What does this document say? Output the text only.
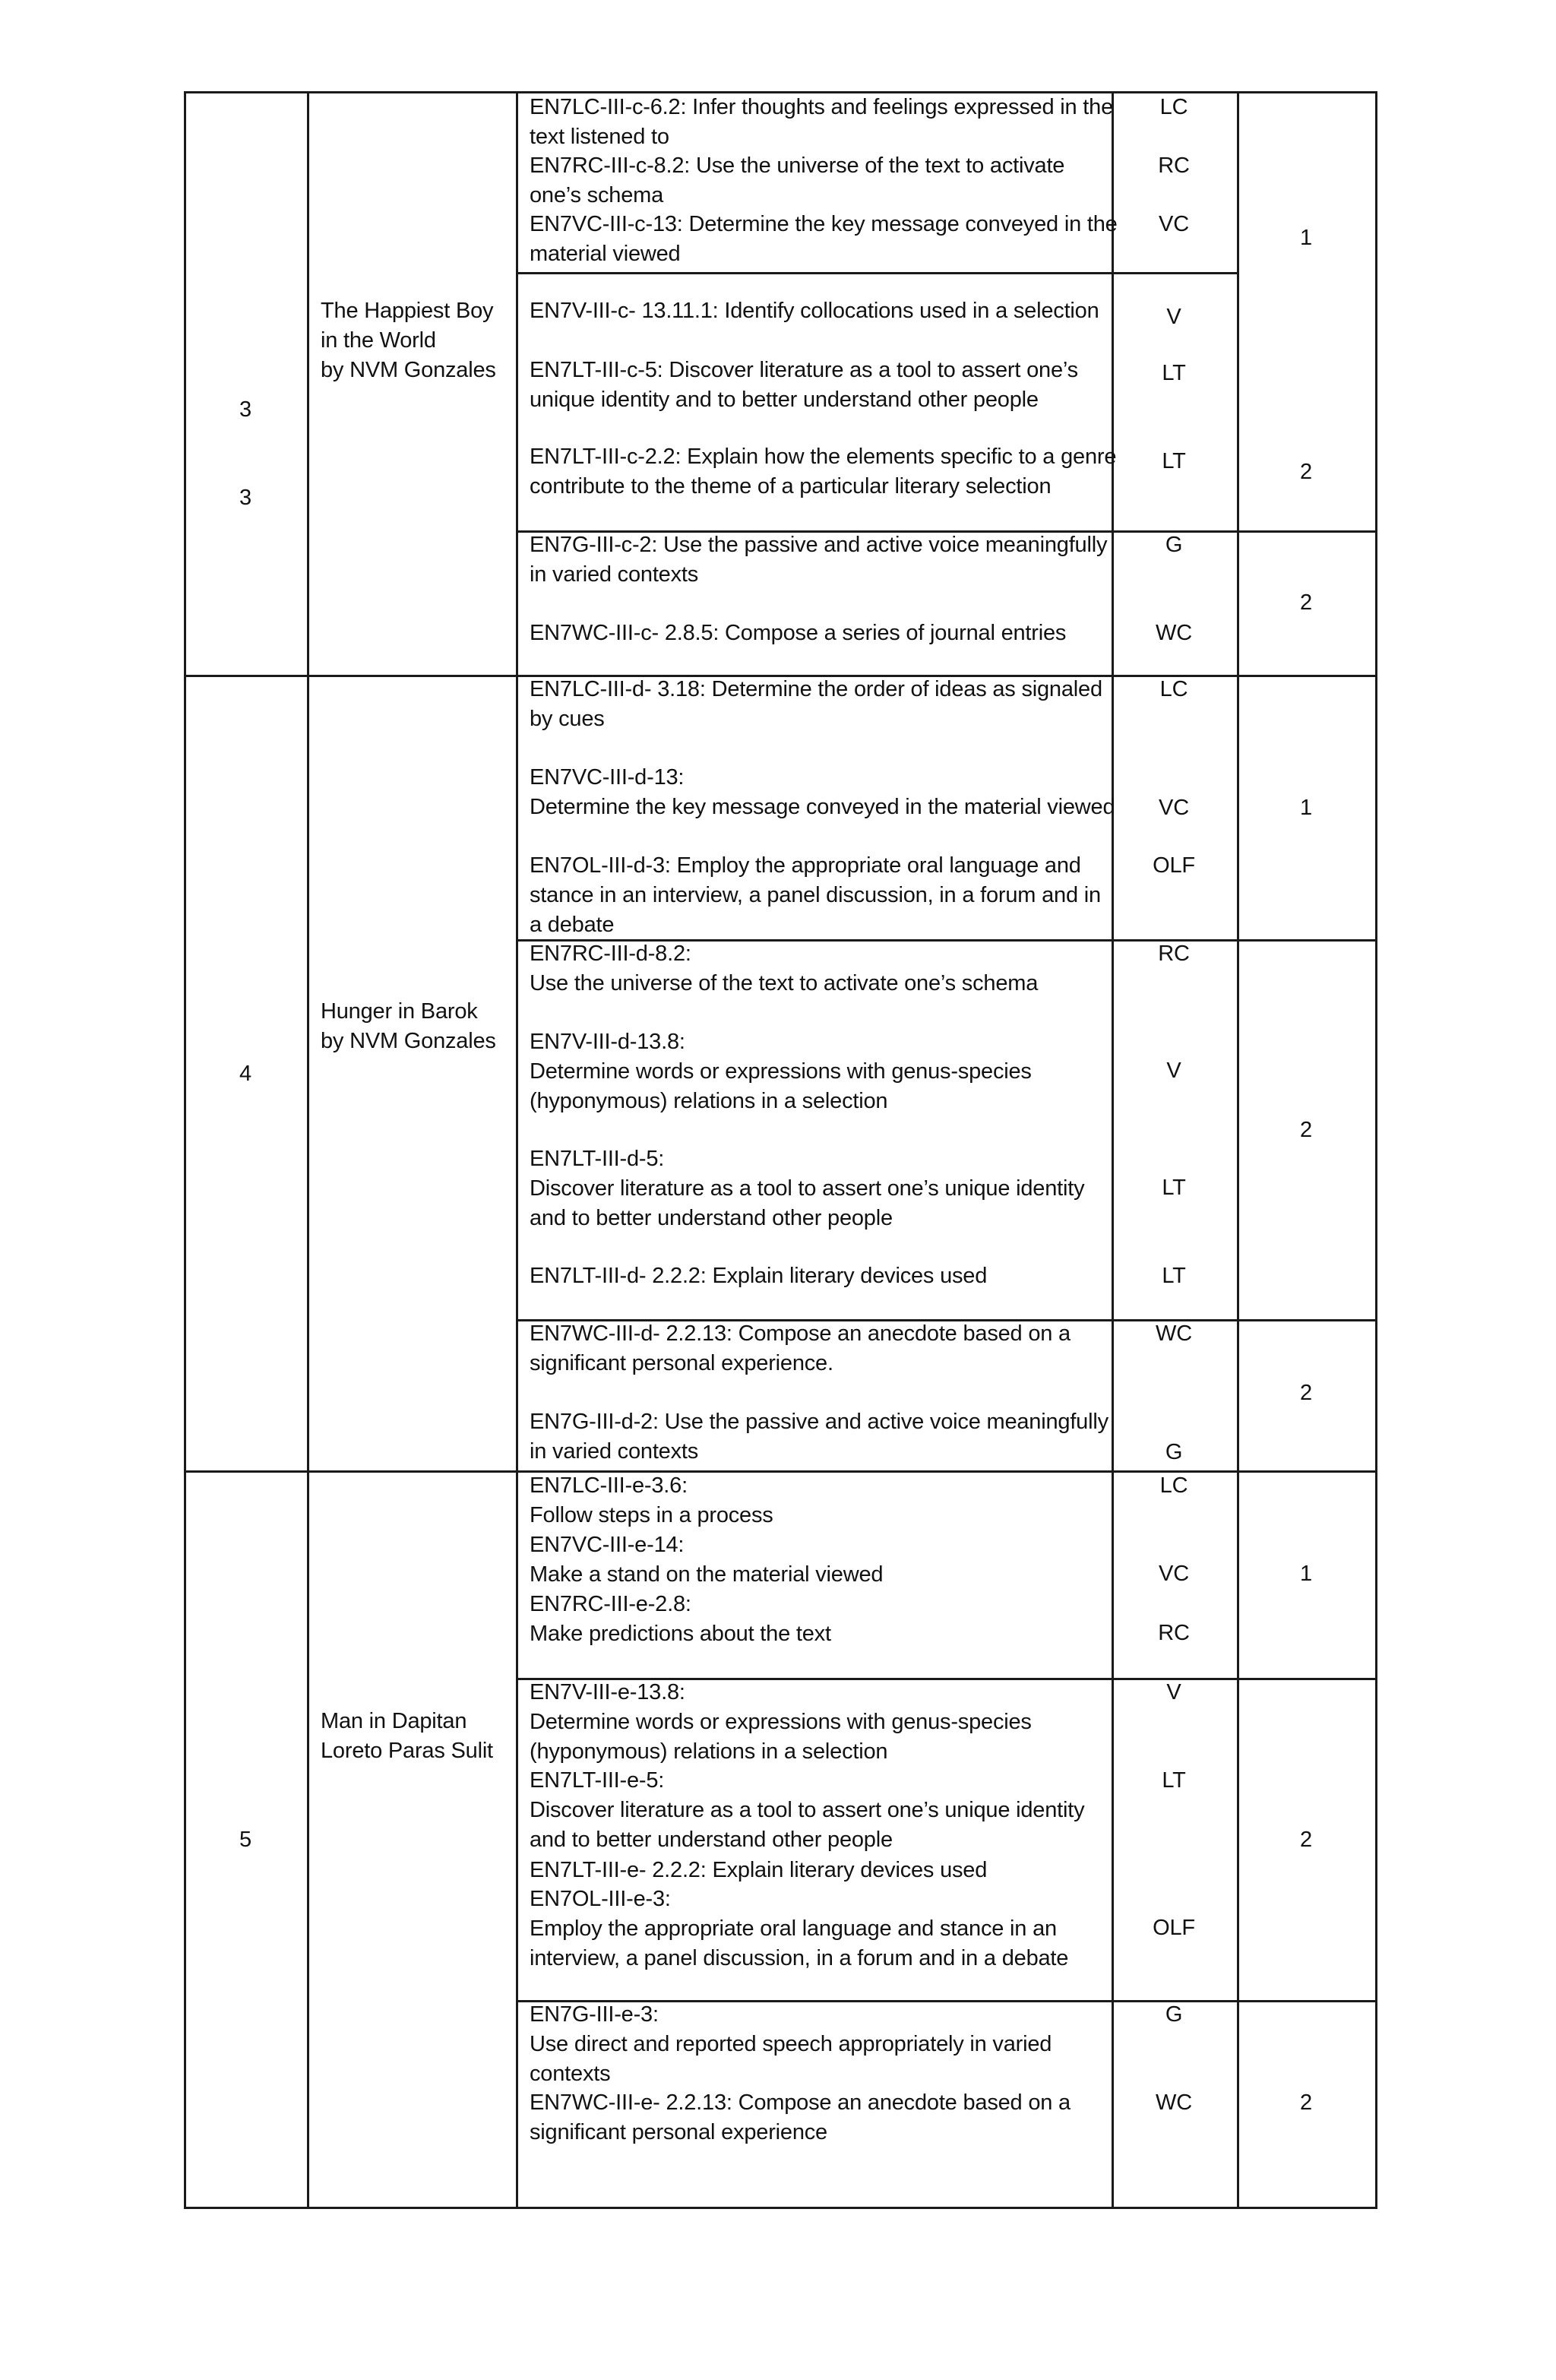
3
3
The Happiest Boy
in the World
by NVM Gonzales
EN7LC-III-c-6.2: Infer thoughts and feelings expressed in the
text listened to
EN7RC-III-c-8.2: Use the universe of the text to activate
one’s schema
EN7VC-III-c-13: Determine the key message conveyed in the
material viewed
LC
RC
VC
1
EN7V-III-c- 13.11.1: Identify collocations used in a selection
EN7LT-III-c-5: Discover literature as a tool to assert one’s
unique identity and to better understand other people
EN7LT-III-c-2.2: Explain how the elements specific to a genre
contribute to the theme of a particular literary selection
V
LT
LT	2
EN7G-III-c-2: Use the passive and active voice meaningfully
in varied contexts
EN7WC-III-c- 2.8.5: Compose a series of journal entries
G
WC
2
4
Hunger in Barok
by NVM Gonzales
EN7LC-III-d- 3.18: Determine the order of ideas as signaled
by cues
EN7VC-III-d-13:
Determine the key message conveyed in the material viewed
EN7OL-III-d-3: Employ the appropriate oral language and
stance in an interview, a panel discussion, in a forum and in
a debate
LC
VC
OLF
1
EN7RC-III-d-8.2:
Use the universe of the text to activate one’s schema
EN7V-III-d-13.8:
Determine words or expressions with genus-species
(hyponymous) relations in a selection
EN7LT-III-d-5:
Discover literature as a tool to assert one’s unique identity
and to better understand other people
EN7LT-III-d- 2.2.2: Explain literary devices used
RC
V
LT
LT
2
EN7WC-III-d- 2.2.13: Compose an anecdote based on a
significant personal experience.
EN7G-III-d-2: Use the passive and active voice meaningfully
in varied contexts
WC
G
2
5
Man in Dapitan
Loreto Paras Sulit
EN7LC-III-e-3.6:
Follow steps in a process
EN7VC-III-e-14:
Make a stand on the material viewed
EN7RC-III-e-2.8:
Make predictions about the text
LC
VC
RC
1
EN7V-III-e-13.8:
Determine words or expressions with genus-species
(hyponymous) relations in a selection
EN7LT-III-e-5:
Discover literature as a tool to assert one’s unique identity
and to better understand other people
EN7LT-III-e- 2.2.2: Explain literary devices used
EN7OL-III-e-3:
Employ the appropriate oral language and stance in an
interview, a panel discussion, in a forum and in a debate
V
LT
OLF
2
EN7G-III-e-3:
Use direct and reported speech appropriately in varied
contexts
EN7WC-III-e- 2.2.13: Compose an anecdote based on a
significant personal experience
G
WC	2
